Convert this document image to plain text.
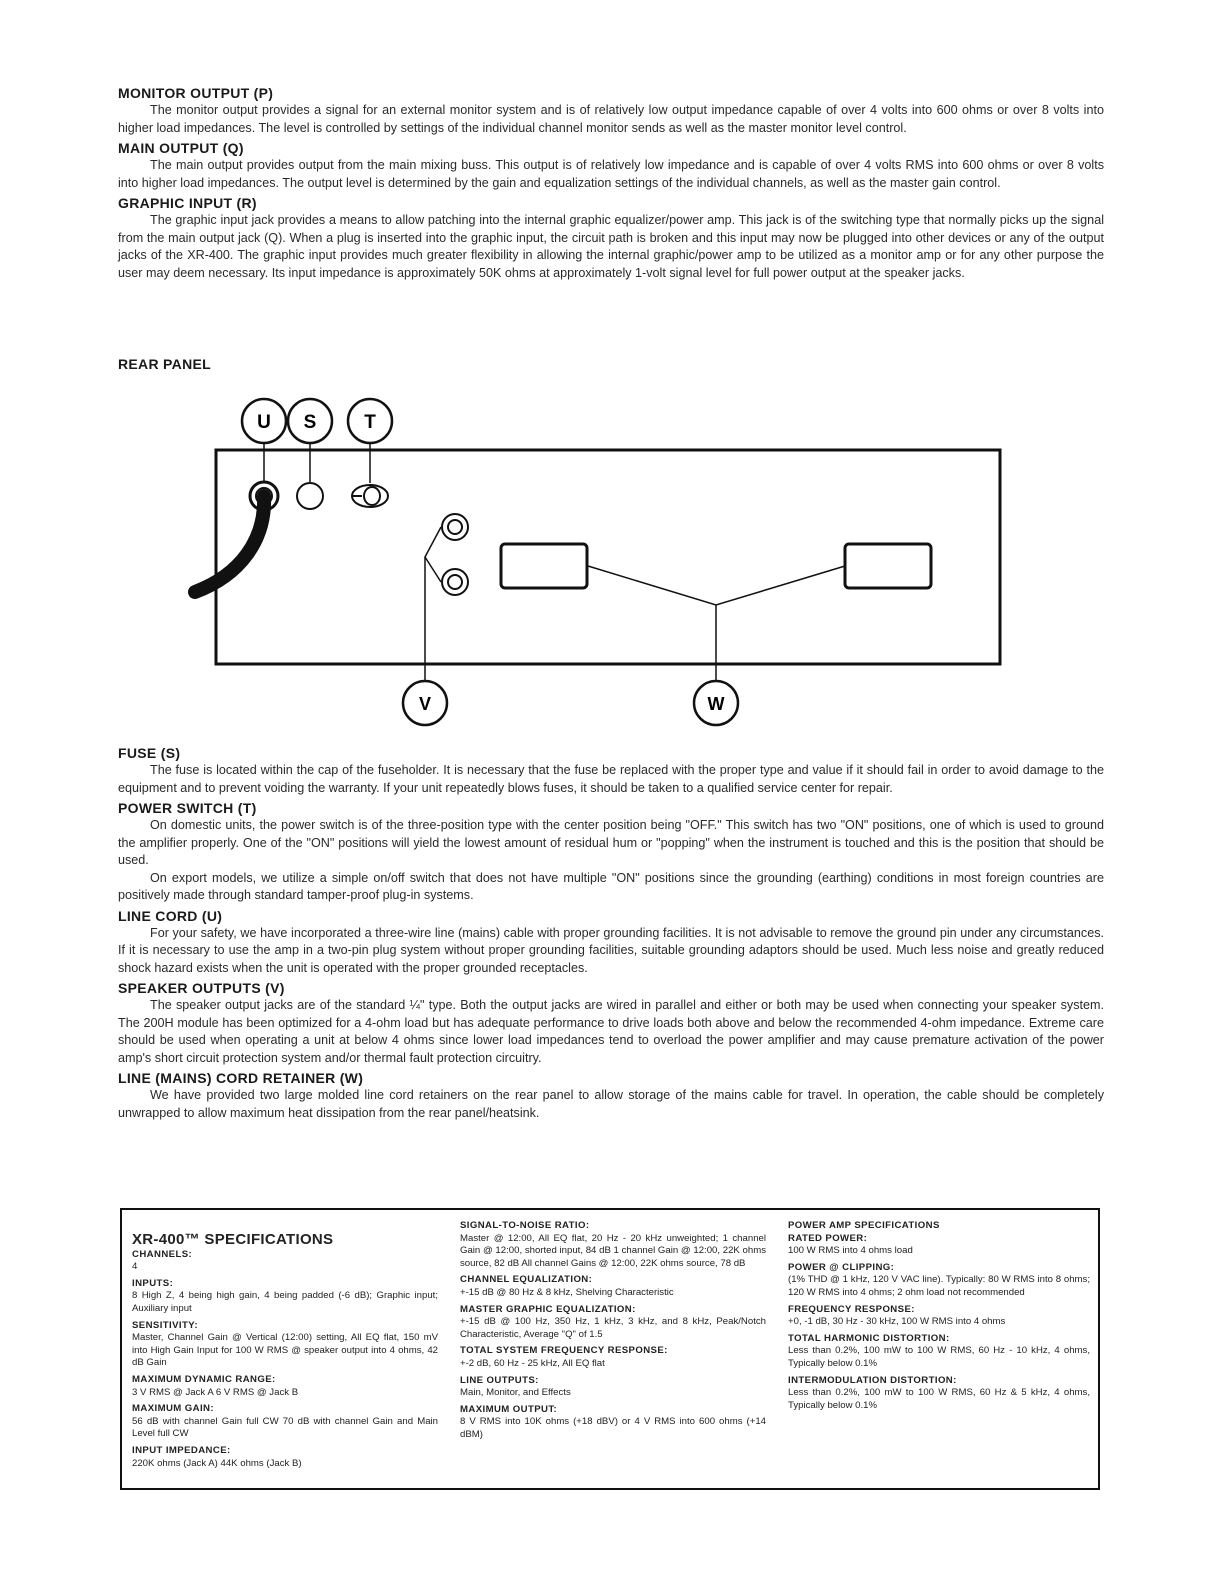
MONITOR OUTPUT (P)

The monitor output provides a signal for an external monitor system and is of relatively low output impedance capable of over 4 volts into 600 ohms or over 8 volts into higher load impedances. The level is controlled by settings of the individual channel monitor sends as well as the master monitor level control.

MAIN OUTPUT (Q)

The main output provides output from the main mixing buss. This output is of relatively low impedance and is capable of over 4 volts RMS into 600 ohms or over 8 volts into higher load impedances. The output level is determined by the gain and equalization settings of the individual channels, as well as the master gain control.

GRAPHIC INPUT (R)

The graphic input jack provides a means to allow patching into the internal graphic equalizer/power amp. This jack is of the switching type that normally picks up the signal from the main output jack (Q). When a plug is inserted into the graphic input, the circuit path is broken and this input may now be plugged into other devices or any of the output jacks of the XR-400. The graphic input provides much greater flexibility in allowing the internal graphic/power amp to be utilized as a monitor amp or for any other purpose the user may deem necessary. Its input impedance is approximately 50K ohms at approximately 1-volt signal level for full power output at the speaker jacks.

REAR PANEL
U S	T
V	W
FUSE (S)

The fuse is located within the cap of the fuseholder. It is necessary that the fuse be replaced with the proper type and value if it should fail in order to avoid damage to the equipment and to prevent voiding the warranty. If your unit repeatedly blows fuses, it should be taken to a qualified service center for repair.

POWER SWITCH (T)

On domestic units, the power switch is of the three-position type with the center position being "OFF." This switch has two "ON" positions, one of which is used to ground the amplifier properly. One of the "ON" positions will yield the lowest amount of residual hum or "popping" when the instrument is touched and this is the position that should be used.

On export models, we utilize a simple on/off switch that does not have multiple "ON" positions since the grounding (earthing) conditions in most foreign countries are positively made through standard tamper-proof plug-in systems.

LINE CORD (U)

For your safety, we have incorporated a three-wire line (mains) cable with proper grounding facilities. It is not advisable to remove the ground pin under any circumstances. If it is necessary to use the amp in a two-pin plug system without proper grounding facilities, suitable grounding adaptors should be used. Much less noise and greatly reduced shock hazard exists when the unit is operated with the proper grounded receptacles.

SPEAKER OUTPUTS (V)

The speaker output jacks are of the standard ¼" type. Both the output jacks are wired in parallel and either or both may be used when connecting your speaker system. The 200H module has been optimized for a 4-ohm load but has adequate performance to drive loads both above and below the recommended 4-ohm impedance. Extreme care should be used when operating a unit at below 4 ohms since lower load impedances tend to overload the power amplifier and may cause premature activation of the power amp's short circuit protection system and/or thermal fault protection circuitry.

LINE (MAINS) CORD RETAINER (W)

We have provided two large molded line cord retainers on the rear panel to allow storage of the mains cable for travel. In operation, the cable should be completely unwrapped to allow maximum heat dissipation from the rear panel/heatsink.

XR-400™ SPECIFICATIONS
CHANNELS:
4
INPUTS:
8 High Z, 4 being high gain, 4 being padded (-6 dB); Graphic input; Auxiliary input
SENSITIVITY:
Master, Channel Gain @ Vertical (12:00) setting, All EQ flat, 150 mV into High Gain Input for 100 W RMS @ speaker output into 4 ohms, 42 dB Gain
MAXIMUM DYNAMIC RANGE:
3 V RMS @ Jack A 6 V RMS @ Jack B
MAXIMUM GAIN:
56 dB with channel Gain full CW 70 dB with channel Gain and Main Level full CW
INPUT IMPEDANCE:
220K ohms (Jack A) 44K ohms (Jack B)
SIGNAL-TO-NOISE RATIO:
Master @ 12:00, All EQ flat, 20 Hz - 20 kHz unweighted; 1 channel Gain @ 12:00, shorted input, 84 dB 1 channel Gain @ 12:00, 22K ohms source, 82 dB All channel Gains @ 12:00, 22K ohms source, 78 dB
CHANNEL EQUALIZATION:
+-15 dB @ 80 Hz & 8 kHz, Shelving Characteristic
MASTER GRAPHIC EQUALIZATION:
+-15 dB @ 100 Hz, 350 Hz, 1 kHz, 3 kHz, and 8 kHz, Peak/Notch Characteristic, Average "Q" of 1.5
TOTAL SYSTEM FREQUENCY RESPONSE:
+-2 dB, 60 Hz - 25 kHz, All EQ flat
LINE OUTPUTS:
Main, Monitor, and Effects
MAXIMUM OUTPUT:
8 V RMS into 10K ohms (+18 dBV) or 4 V RMS into 600 ohms (+14 dBM)
POWER AMP SPECIFICATIONS
RATED POWER:
100 W RMS into 4 ohms load
POWER @ CLIPPING:
(1% THD @ 1 kHz, 120 V VAC line). Typically: 80 W RMS into 8 ohms; 120 W RMS into 4 ohms; 2 ohm load not recommended
FREQUENCY RESPONSE:
+0, -1 dB, 30 Hz - 30 kHz, 100 W RMS into 4 ohms
TOTAL HARMONIC DISTORTION:
Less than 0.2%, 100 mW to 100 W RMS, 60 Hz - 10 kHz, 4 ohms, Typically below 0.1%
INTERMODULATION DISTORTION:
Less than 0.2%, 100 mW to 100 W RMS, 60 Hz & 5 kHz, 4 ohms, Typically below 0.1%
